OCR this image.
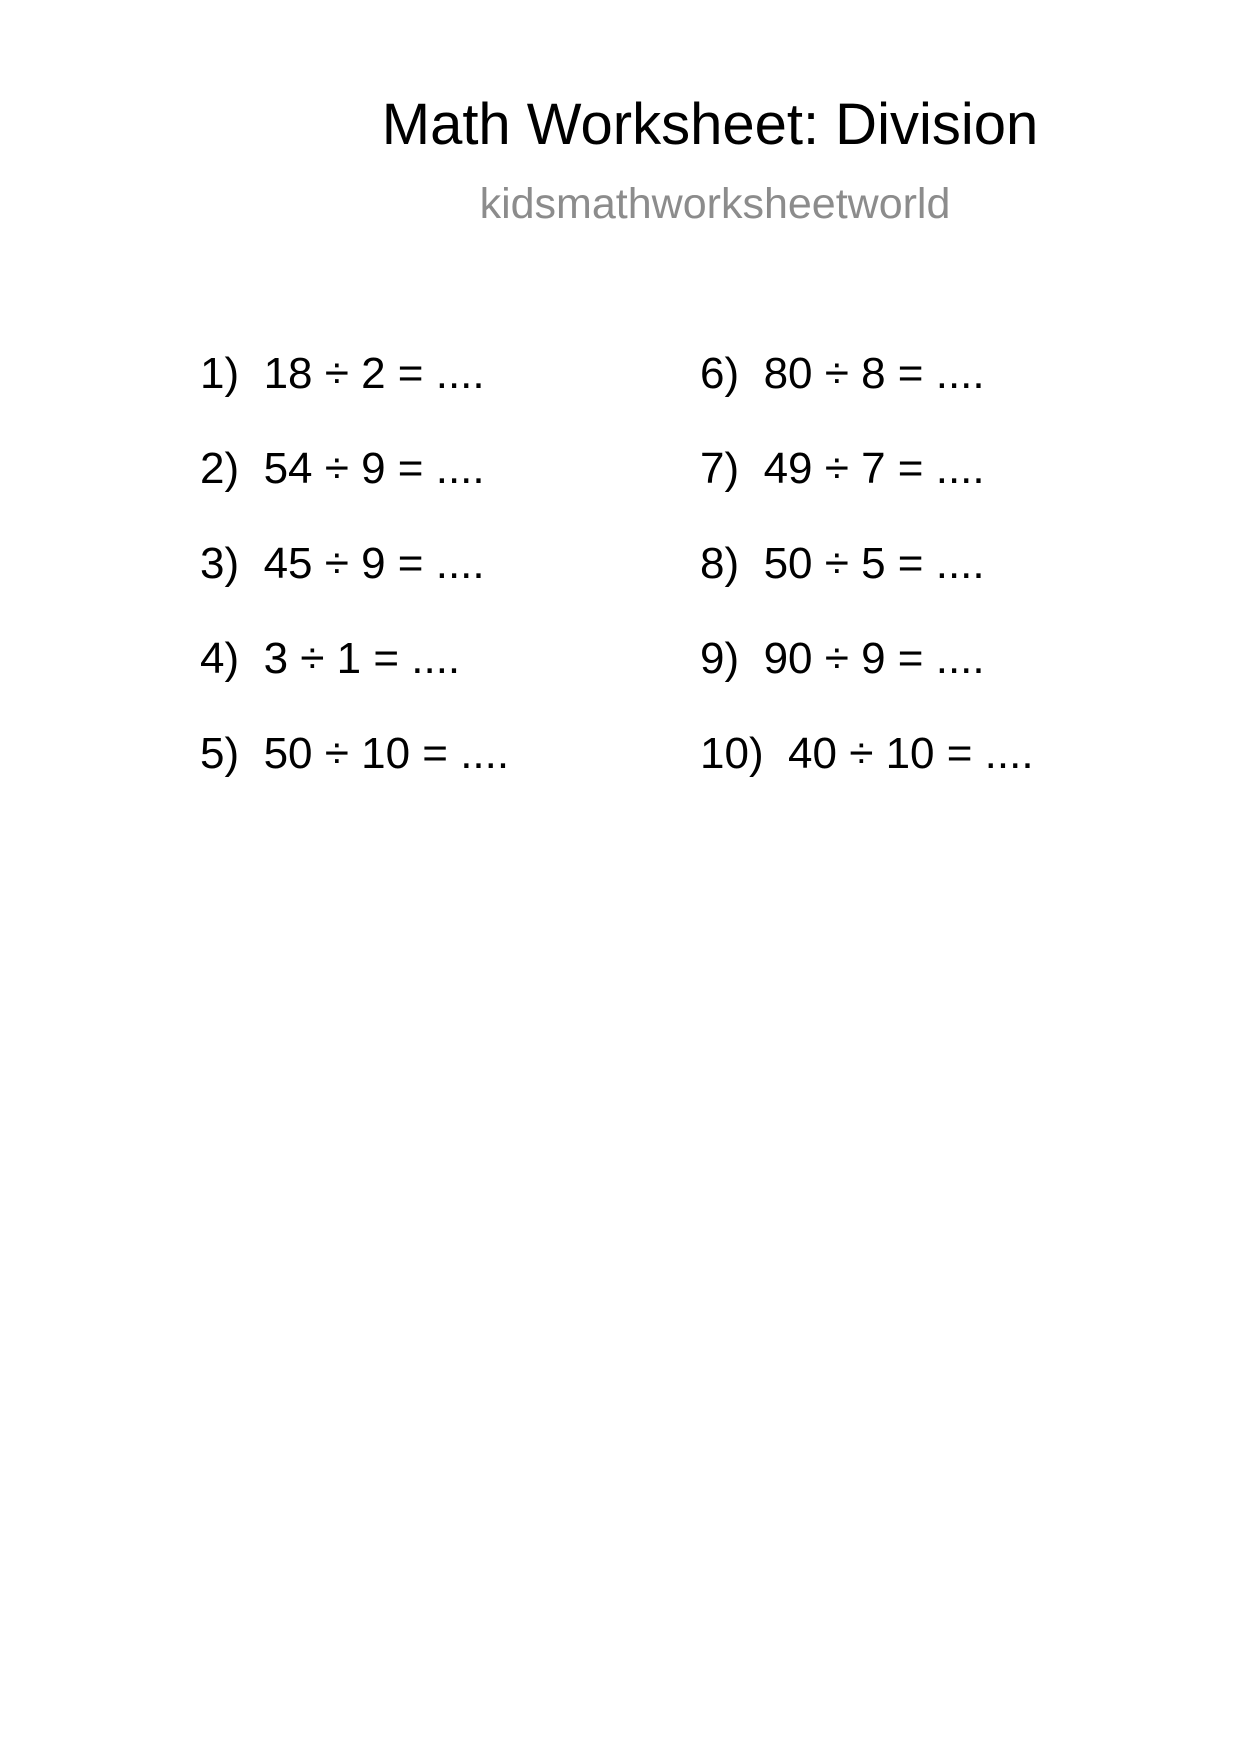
Math Worksheet: Division
kidsmathworksheetworld
1)  18 ÷ 2 = ....
2)  54 ÷ 9 = ....
3)  45 ÷ 9 = ....
4)  3 ÷ 1 = ....
5)  50 ÷ 10 = ....
6)  80 ÷ 8 = ....
7)  49 ÷ 7 = ....
8)  50 ÷ 5 = ....
9)  90 ÷ 9 = ....
10)  40 ÷ 10 = ....
